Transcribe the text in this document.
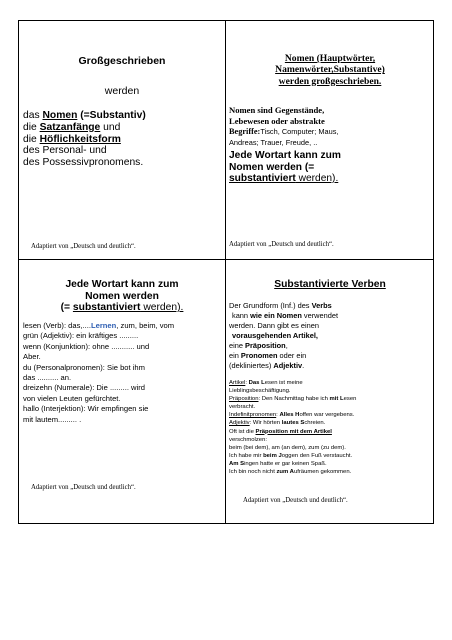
Großgeschrieben
werden

das Nomen (=Substantiv)

die Satzanfänge und

die Höflichkeitsform

des Personal- und

des Possessivpronomens.

Adaptiert von „Deutsch und deutlich“.

Nomen (Hauptwörter,

Namenwörter,Substantive)

werden großgeschrieben.

Nomen sind Gegenstände,

Lebewesen oder abstrakte

Begriffe:Tisch, Computer; Maus,

Andreas; Trauer, Freude, ..

Jede Wortart kann zum

Nomen werden (=

substantiviert werden).

Adaptiert von „Deutsch und deutlich“.

Jede Wortart kann zum

Nomen werden

(= substantiviert werden).

lesen (Verb): das,....Lernen, zum, beim, vom

grün (Adjektiv): ein kräftiges .........

wenn (Konjunktion): ohne ........... und

Aber.

du (Personalpronomen): Sie bot ihm

das .......... an.

dreizehn (Numerale): Die ......... wird

von vielen Leuten gefürchtet.

hallo (Interjektion): Wir empfingen sie

mit lautem......... .

Adaptiert von „Deutsch und deutlich“.
Substantivierte Verben

Der Grundform (Inf.) des Verbs

kann wie ein Nomen verwendet

werden. Dann gibt es einen

vorausgehenden Artikel,

eine Präposition,

ein Pronomen oder ein

(dekliniertes) Adjektiv.

Artikel: Das Lesen ist meine

Lieblingsbeschäftigung.

Präposition: Den Nachmittag habe ich mit Lesen

verbracht.

Indefinitpronomen: Alles Hoffen war vergebens.

Adjektiv: Wir hörten lautes Schreien.

Oft ist die Präposition mit dem Artikel

verschmolzen:

beim (bei dem), am (an dem), zum (zu dem).

Ich habe mir beim Joggen den Fuß verstaucht.

Am Singen hatte er gar keinen Spaß.

Ich bin noch nicht zum Aufräumen gekommen.

Adaptiert von „Deutsch und deutlich“.
